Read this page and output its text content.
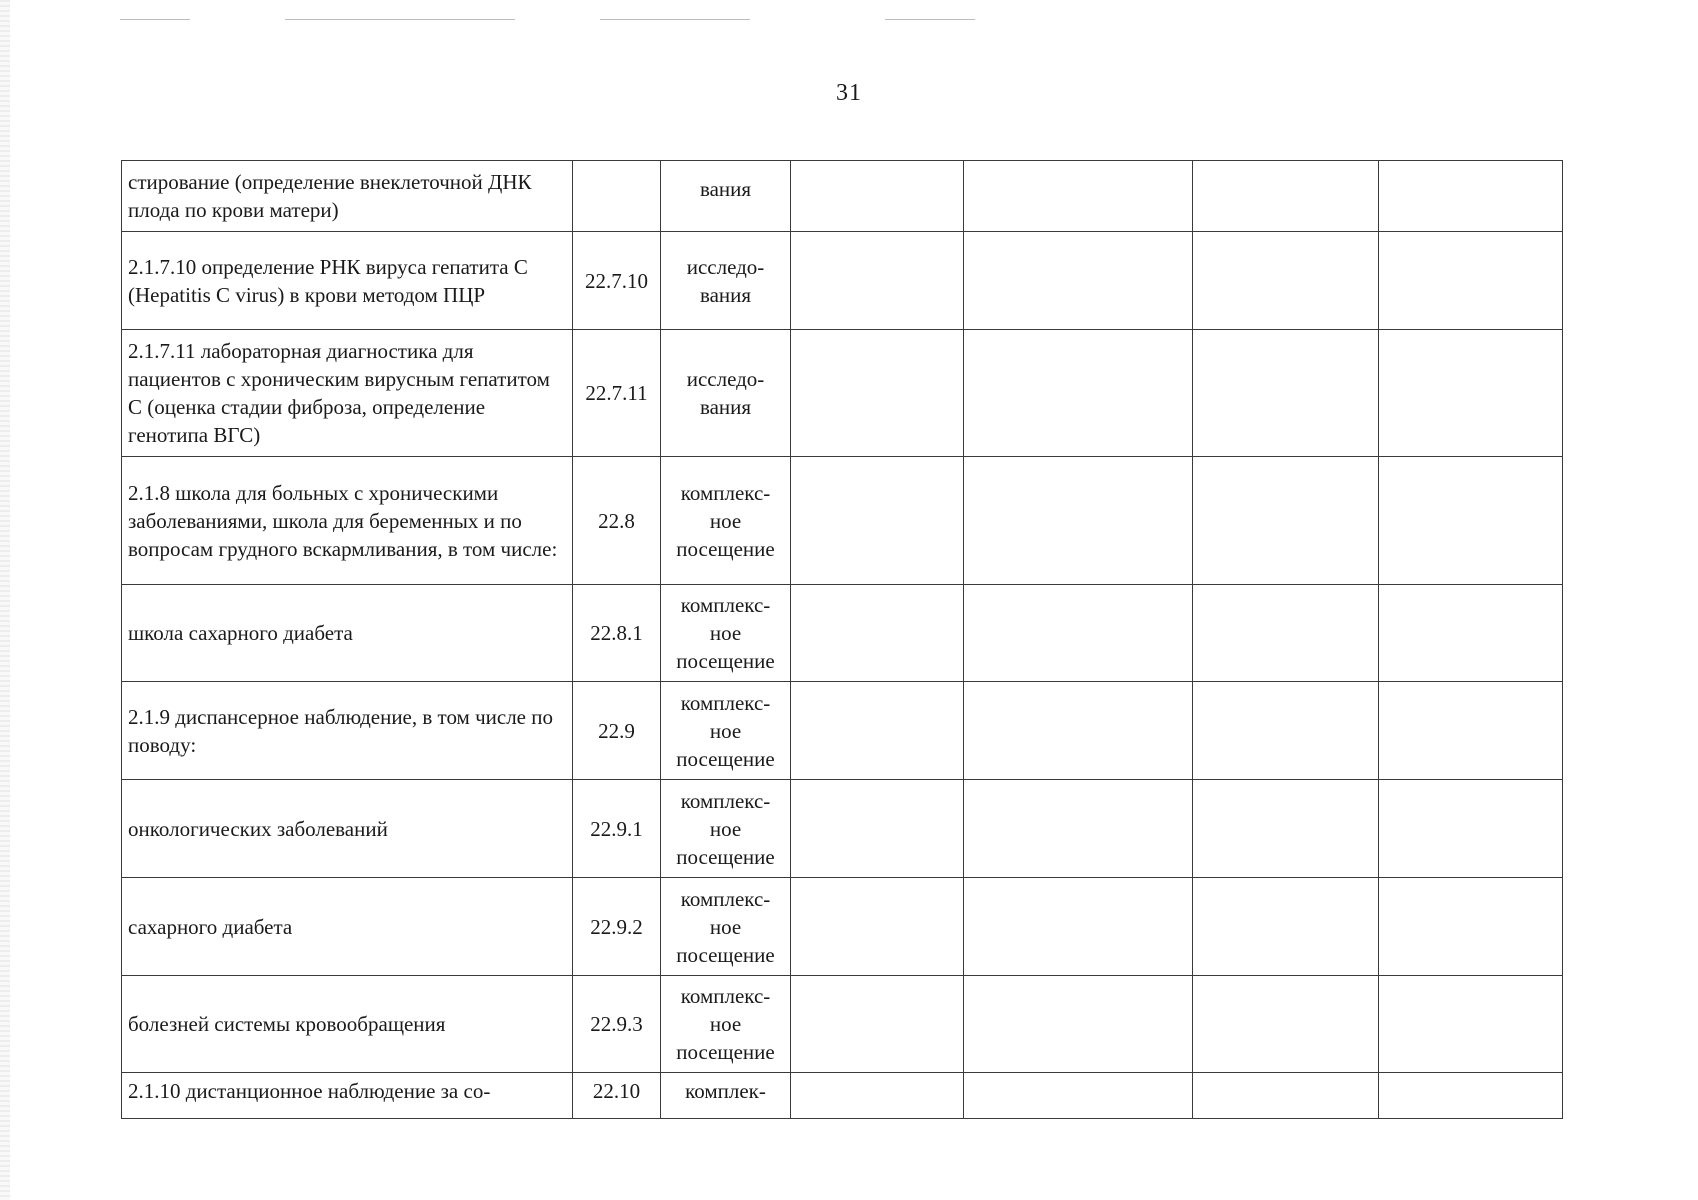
31
стирование (определение внеклеточной ДНК плода по крови матери)		вания				
2.1.7.10 определение РНК вируса гепатита С (Hepatitis C virus) в крови методом ПЦР	22.7.10	исследо-вания				
2.1.7.11 лабораторная диагностика для пациентов с хроническим вирусным гепатитом С (оценка стадии фиброза, определение генотипа ВГС)	22.7.11	исследо-вания				
2.1.8 школа для больных с хроническими заболеваниями, школа для беременных и по вопросам грудного вскармливания, в том числе:	22.8	комплекс-ное посещение				
школа сахарного диабета	22.8.1	комплекс-ное посещение				
2.1.9 диспансерное наблюдение, в том числе по поводу:	22.9	комплекс-ное посещение				
онкологических заболеваний	22.9.1	комплекс-ное посещение				
сахарного диабета	22.9.2	комплекс-ное посещение				
болезней системы кровообращения	22.9.3	комплекс-ное посещение				
2.1.10 дистанционное наблюдение за со-	22.10	комплек-				
